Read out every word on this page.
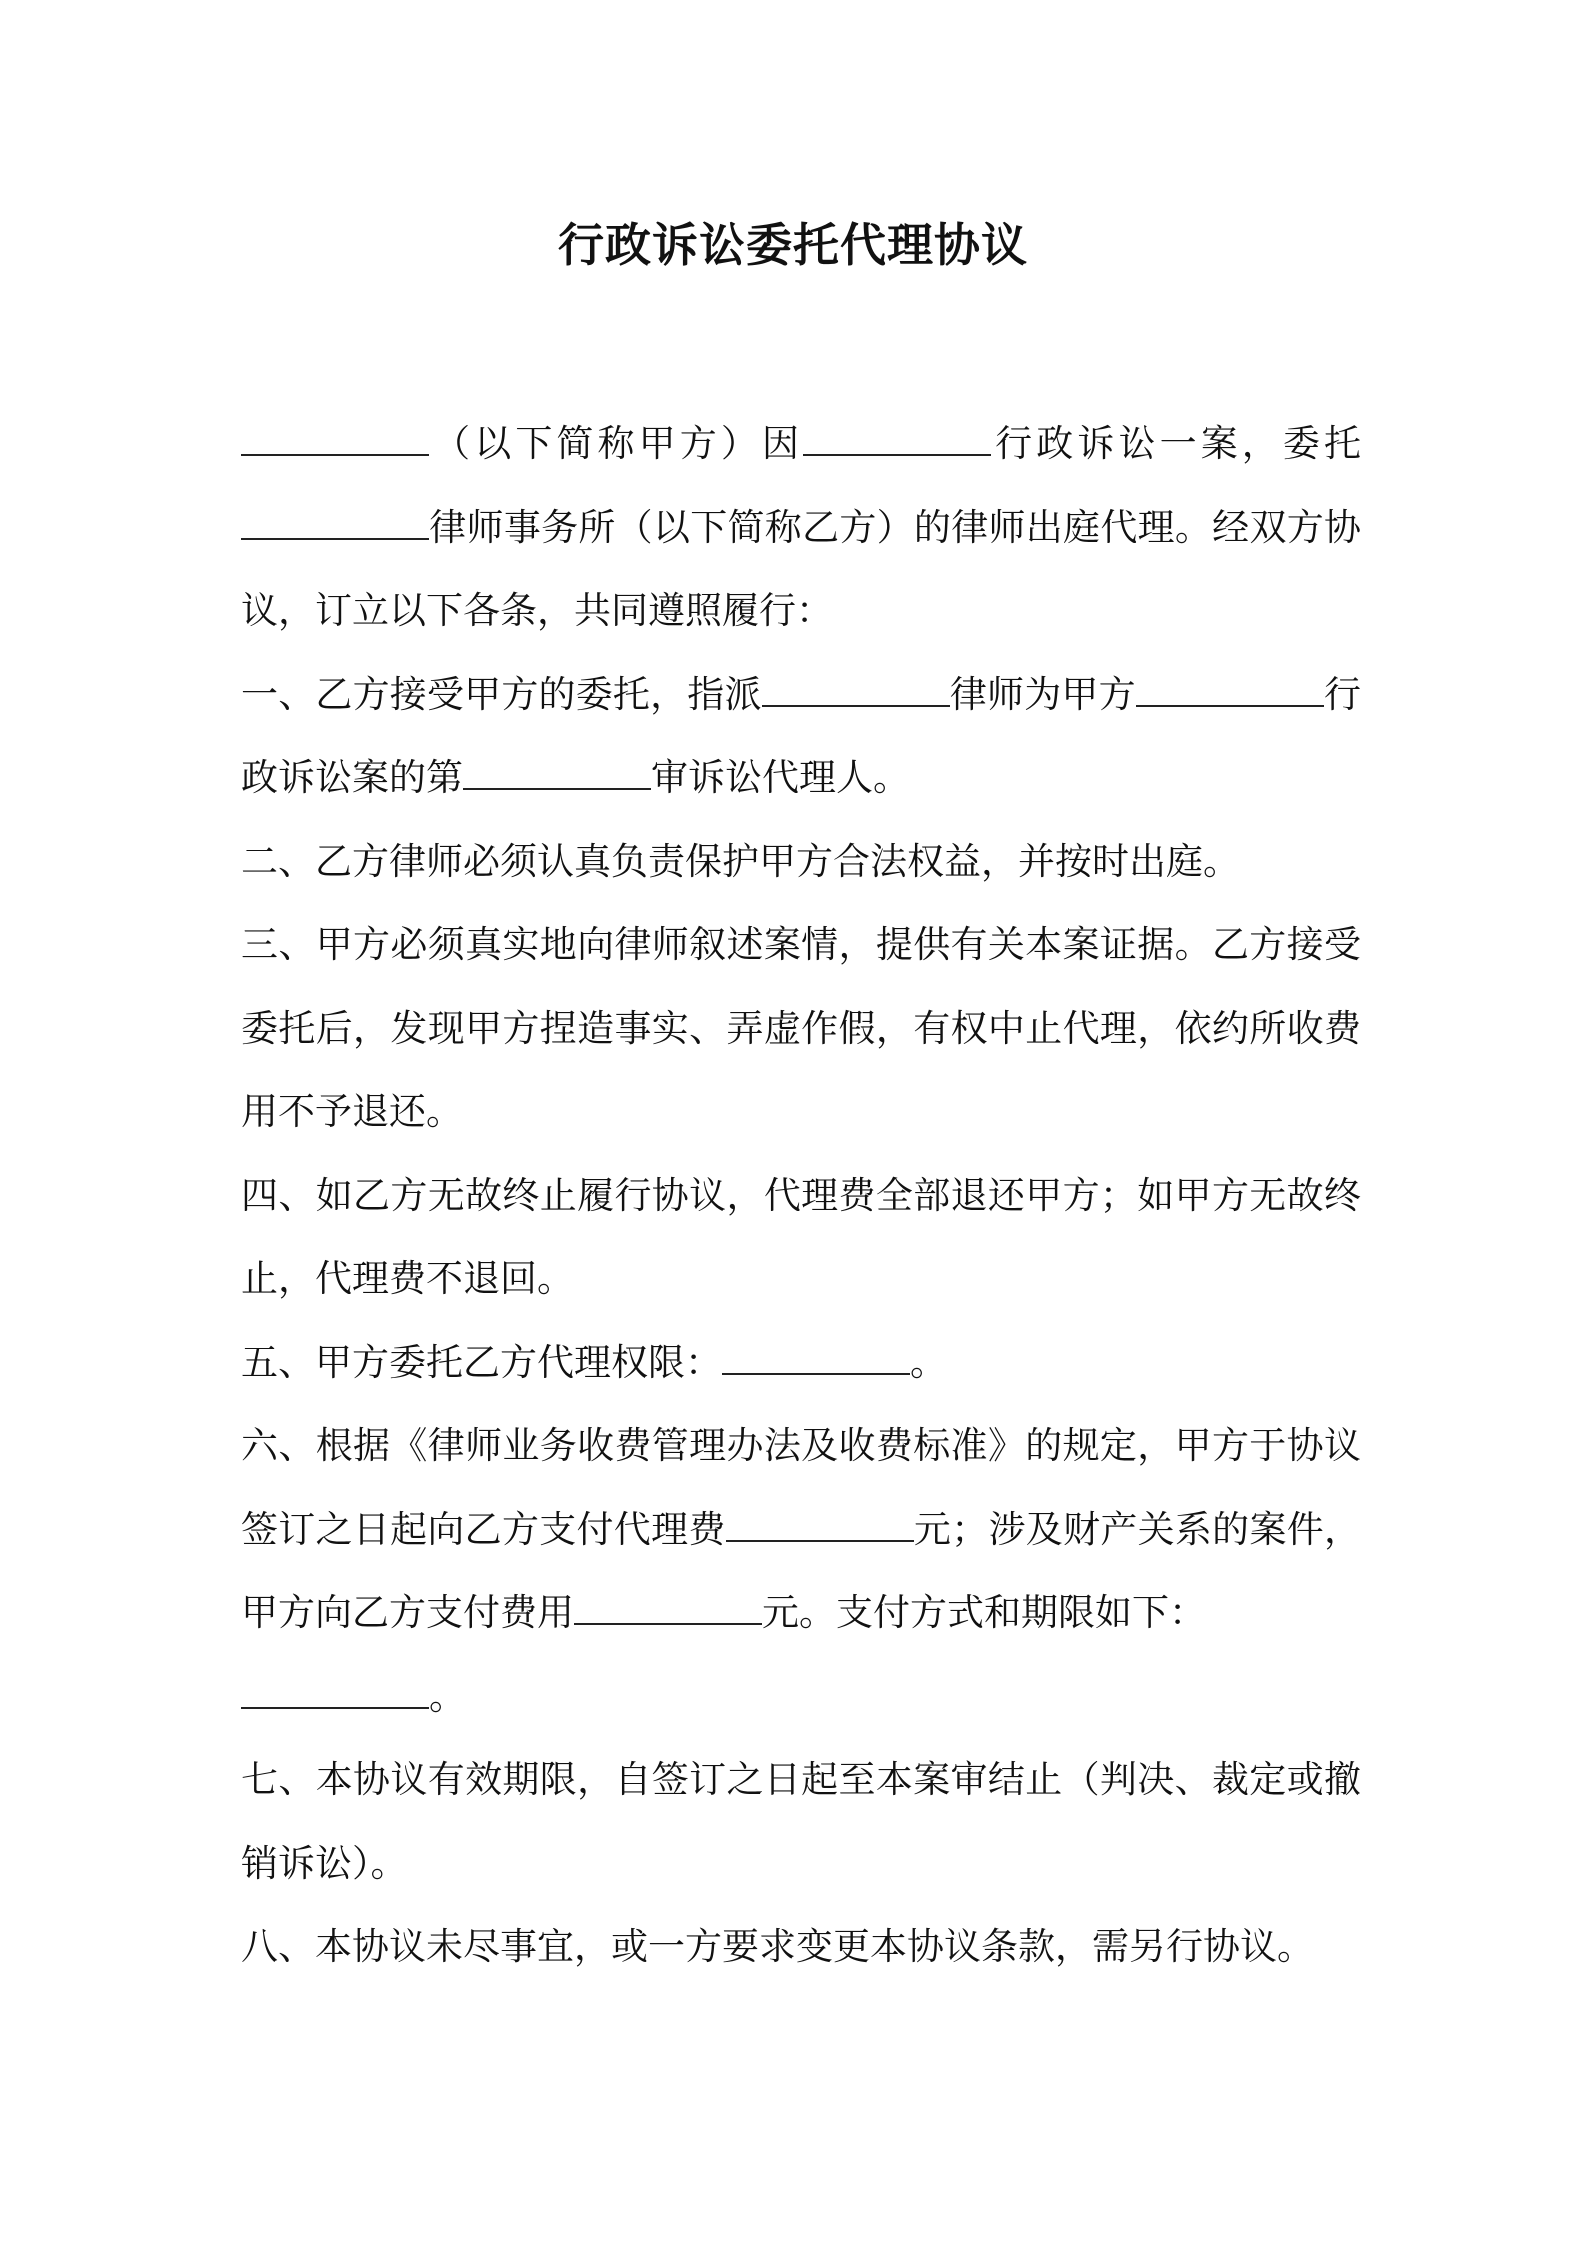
行政诉讼委托代理协议

（以下简称甲方）因	行政诉讼一案，委托律师事务所（以下简称乙方）的律师出庭代理。经双方协议，订立以下各条，共同遵照履行：

一、乙方接受甲方的委托，指派	律师为甲方	行政诉讼案的第	审诉讼代理人。

二、乙方律师必须认真负责保护甲方合法权益，并按时出庭。

三、甲方必须真实地向律师叙述案情，提供有关本案证据。乙方接受委托后，发现甲方捏造事实、弄虚作假，有权中止代理，依约所收费用不予退还。

四、如乙方无故终止履行协议，代理费全部退还甲方；如甲方无故终止，代理费不退回。

五、甲方委托乙方代理权限：	。

六、根据《律师业务收费管理办法及收费标准》的规定，甲方于协议签订之日起向乙方支付代理费	元；涉及财产关系的案件，甲方向乙方支付费用	元。支付方式和期限如下：
。

七、本协议有效期限，自签订之日起至本案审结止（判决、裁定或撤销诉讼）。

八、本协议未尽事宜，或一方要求变更本协议条款，需另行协议。
